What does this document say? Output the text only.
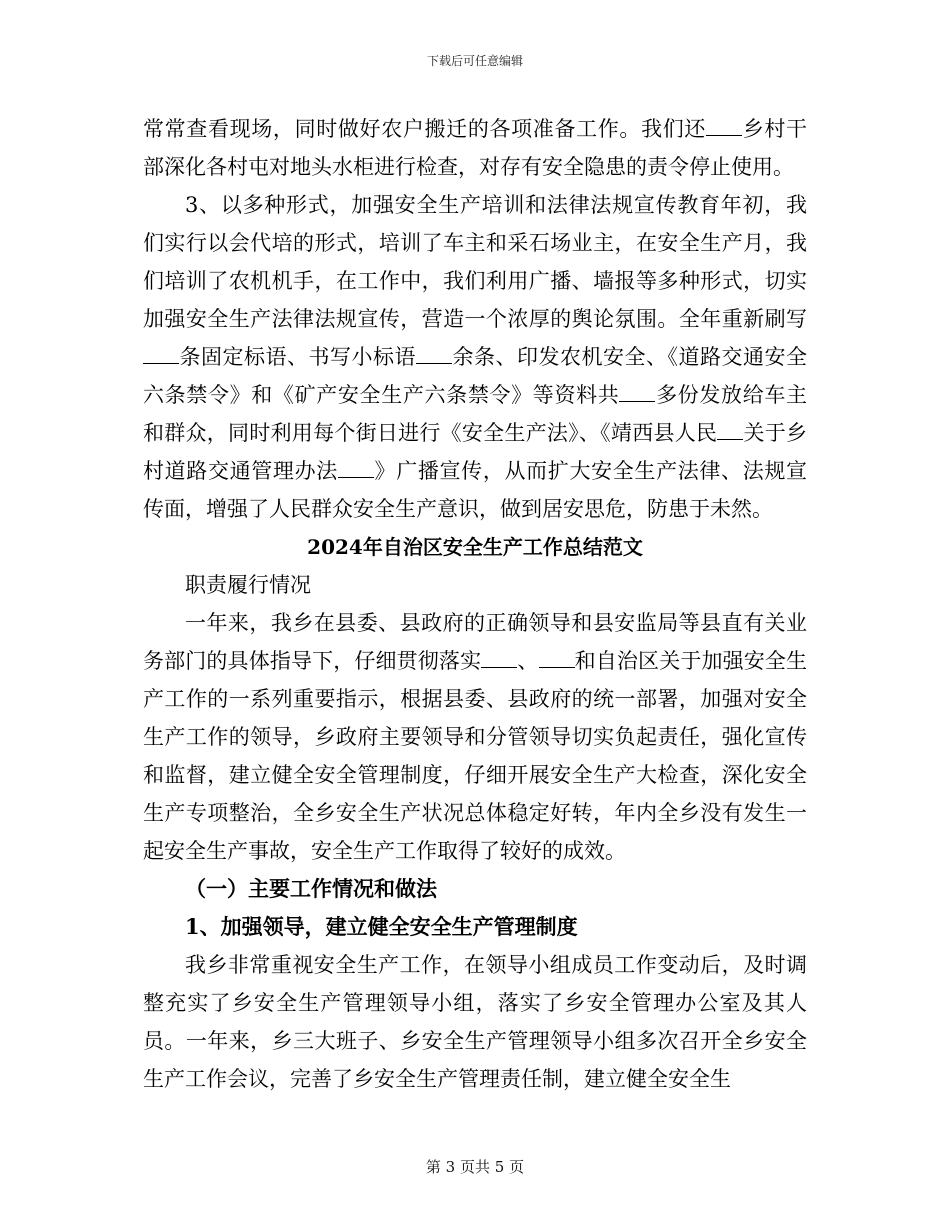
下载后可任意编辑

常常查看现场，同时做好农户搬迁的各项准备工作。我们还 乡村干部深化各村屯对地头水柜进行检查，对存有安全隐患的责令停止使用。

3、以多种形式，加强安全生产培训和法律法规宣传教育年初，我们实行以会代培的形式，培训了车主和采石场业主，在安全生产月，我们培训了农机机手，在工作中，我们利用广播、墙报等多种形式，切实加强安全生产法律法规宣传，营造一个浓厚的舆论氛围。全年重新刷写条固定标语、书写小标语 余条、印发农机安全、《道路交通安全六条禁令》和《矿产安全生产六条禁令》等资料共 多份发放给车主和群众，同时利用每个街日进行《安全生产法》、《靖西县人民 关于乡村道路交通管理办法 》广播宣传，从而扩大安全生产法律、法规宣传面，增强了人民群众安全生产意识，做到居安思危，防患于未然。

2024年自治区安全生产工作总结范文

职责履行情况

一年来，我乡在县委、县政府的正确领导和县安监局等县直有关业务部门的具体指导下，仔细贯彻落实 、 和自治区关于加强安全生产工作的一系列重要指示，根据县委、县政府的统一部署，加强对安全生产工作的领导，乡政府主要领导和分管领导切实负起责任，强化宣传和监督，建立健全安全管理制度，仔细开展安全生产大检查，深化安全生产专项整治，全乡安全生产状况总体稳定好转，年内全乡没有发生一起安全生产事故，安全生产工作取得了较好的成效。

（一）主要工作情况和做法

1、加强领导，建立健全安全生产管理制度

我乡非常重视安全生产工作，在领导小组成员工作变动后，及时调整充实了乡安全生产管理领导小组，落实了乡安全管理办公室及其人员。一年来，乡三大班子、乡安全生产管理领导小组多次召开全乡安全生产工作会议，完善了乡安全生产管理责任制，建立健全安全生

第 3 页共 5 页
